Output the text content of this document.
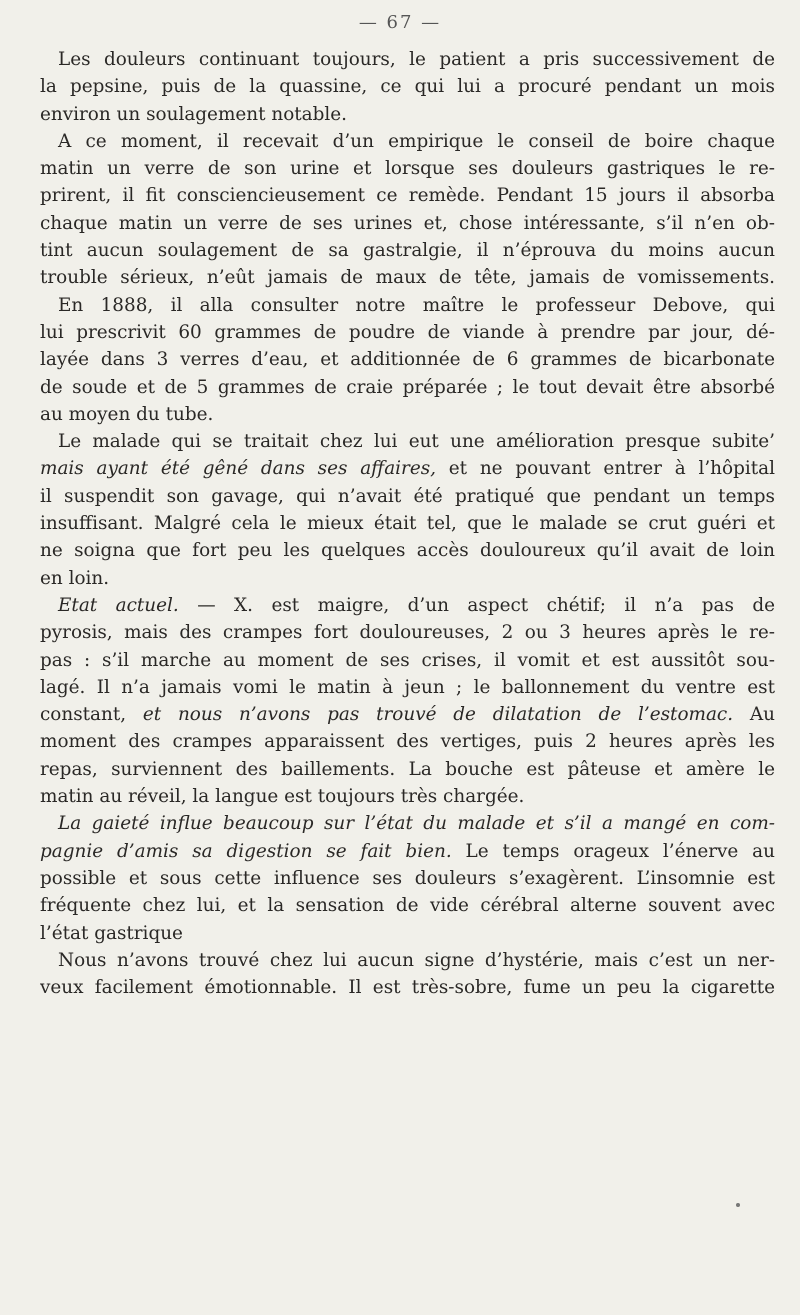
— 67 —
Les douleurs continuant toujours, le patient a pris successivement de
la pepsine, puis de la quassine, ce qui lui a procuré pendant un mois
environ un soulagement notable.
A ce moment, il recevait d’un empirique le conseil de boire chaque
matin un verre de son urine et lorsque ses douleurs gastriques le re-
prirent, il fit consciencieusement ce remède. Pendant 15 jours il absorba
chaque matin un verre de ses urines et, chose intéressante, s’il n’en ob-
tint aucun soulagement de sa gastralgie, il n’éprouva du moins aucun
trouble sérieux, n’eût jamais de maux de tête, jamais de vomissements.
En 1888, il alla consulter notre maître le professeur Debove, qui
lui prescrivit 60 grammes de poudre de viande à prendre par jour, dé-
layée dans 3 verres d’eau, et additionnée de 6 grammes de bicarbonate
de soude et de 5 grammes de craie préparée ; le tout devait être absorbé
au moyen du tube.
Le malade qui se traitait chez lui eut une amélioration presque subite’
mais ayant été gêné dans ses affaires, et ne pouvant entrer à l’hôpital
il suspendit son gavage, qui n’avait été pratiqué que pendant un temps
insuffisant. Malgré cela le mieux était tel, que le malade se crut guéri et
ne soigna que fort peu les quelques accès douloureux qu’il avait de loin
en loin.
Etat actuel. — X. est maigre, d’un aspect chétif; il n’a pas de
pyrosis, mais des crampes fort douloureuses, 2 ou 3 heures après le re-
pas : s’il marche au moment de ses crises, il vomit et est aussitôt sou-
lagé. Il n’a jamais vomi le matin à jeun ; le ballonnement du ventre est
constant, et nous n’avons pas trouvé de dilatation de l’estomac. Au
moment des crampes apparaissent des vertiges, puis 2 heures après les
repas, surviennent des baillements. La bouche est pâteuse et amère le
matin au réveil, la langue est toujours très chargée.
La gaieté influe beaucoup sur l’état du malade et s’il a mangé en com-
pagnie d’amis sa digestion se fait bien. Le temps orageux l’énerve au
possible et sous cette influence ses douleurs s’exagèrent. L’insomnie est
fréquente chez lui, et la sensation de vide cérébral alterne souvent avec
l’état gastrique
Nous n’avons trouvé chez lui aucun signe d’hystérie, mais c’est un ner-
veux facilement émotionnable. Il est très-sobre, fume un peu la cigarette
